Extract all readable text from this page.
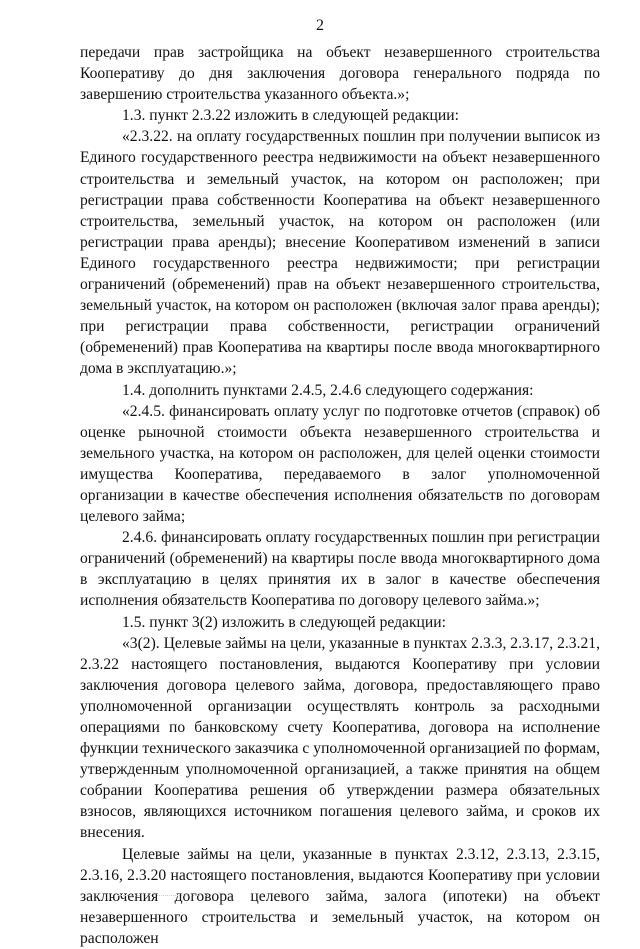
2

передачи прав застройщика на объект незавершенного строительства Кооперативу до дня заключения договора генерального подряда по завершению строительства указанного объекта.»;

1.3. пункт 2.3.22 изложить в следующей редакции:

«2.3.22. на оплату государственных пошлин при получении выписок из Единого государственного реестра недвижимости на объект незавершенного строительства и земельный участок, на котором он расположен; при регистрации права собственности Кооператива на объект незавершенного строительства, земельный участок, на котором он расположен (или регистрации права аренды); внесение Кооперативом изменений в записи Единого государственного реестра недвижимости; при регистрации ограничений (обременений) прав на объект незавершенного строительства, земельный участок, на котором он расположен (включая залог права аренды); при регистрации права собственности, регистрации ограничений (обременений) прав Кооператива на квартиры после ввода многоквартирного дома в эксплуатацию.»;

1.4. дополнить пунктами 2.4.5, 2.4.6 следующего содержания:

«2.4.5. финансировать оплату услуг по подготовке отчетов (справок) об оценке рыночной стоимости объекта незавершенного строительства и земельного участка, на котором он расположен, для целей оценки стоимости имущества Кооператива, передаваемого в залог уполномоченной организации в качестве обеспечения исполнения обязательств по договорам целевого займа;

2.4.6. финансировать оплату государственных пошлин при регистрации ограничений (обременений) на квартиры после ввода многоквартирного дома в эксплуатацию в целях принятия их в залог в качестве обеспечения исполнения обязательств Кооператива по договору целевого займа.»;

1.5. пункт 3(2) изложить в следующей редакции:

«3(2). Целевые займы на цели, указанные в пунктах 2.3.3, 2.3.17, 2.3.21, 2.3.22 настоящего постановления, выдаются Кооперативу при условии заключения договора целевого займа, договора, предоставляющего право уполномоченной организации осуществлять контроль за расходными операциями по банковскому счету Кооператива, договора на исполнение функции технического заказчика с уполномоченной организацией по формам, утвержденным уполномоченной организацией, а также принятия на общем собрании Кооператива решения об утверждении размера обязательных взносов, являющихся источником погашения целевого займа, и сроков их внесения.

Целевые займы на цели, указанные в пунктах 2.3.12, 2.3.13, 2.3.15, 2.3.16, 2.3.20 настоящего постановления, выдаются Кооперативу при условии заключения договора целевого займа, залога (ипотеки) на объект незавершенного строительства и земельный участок, на котором он расположен
